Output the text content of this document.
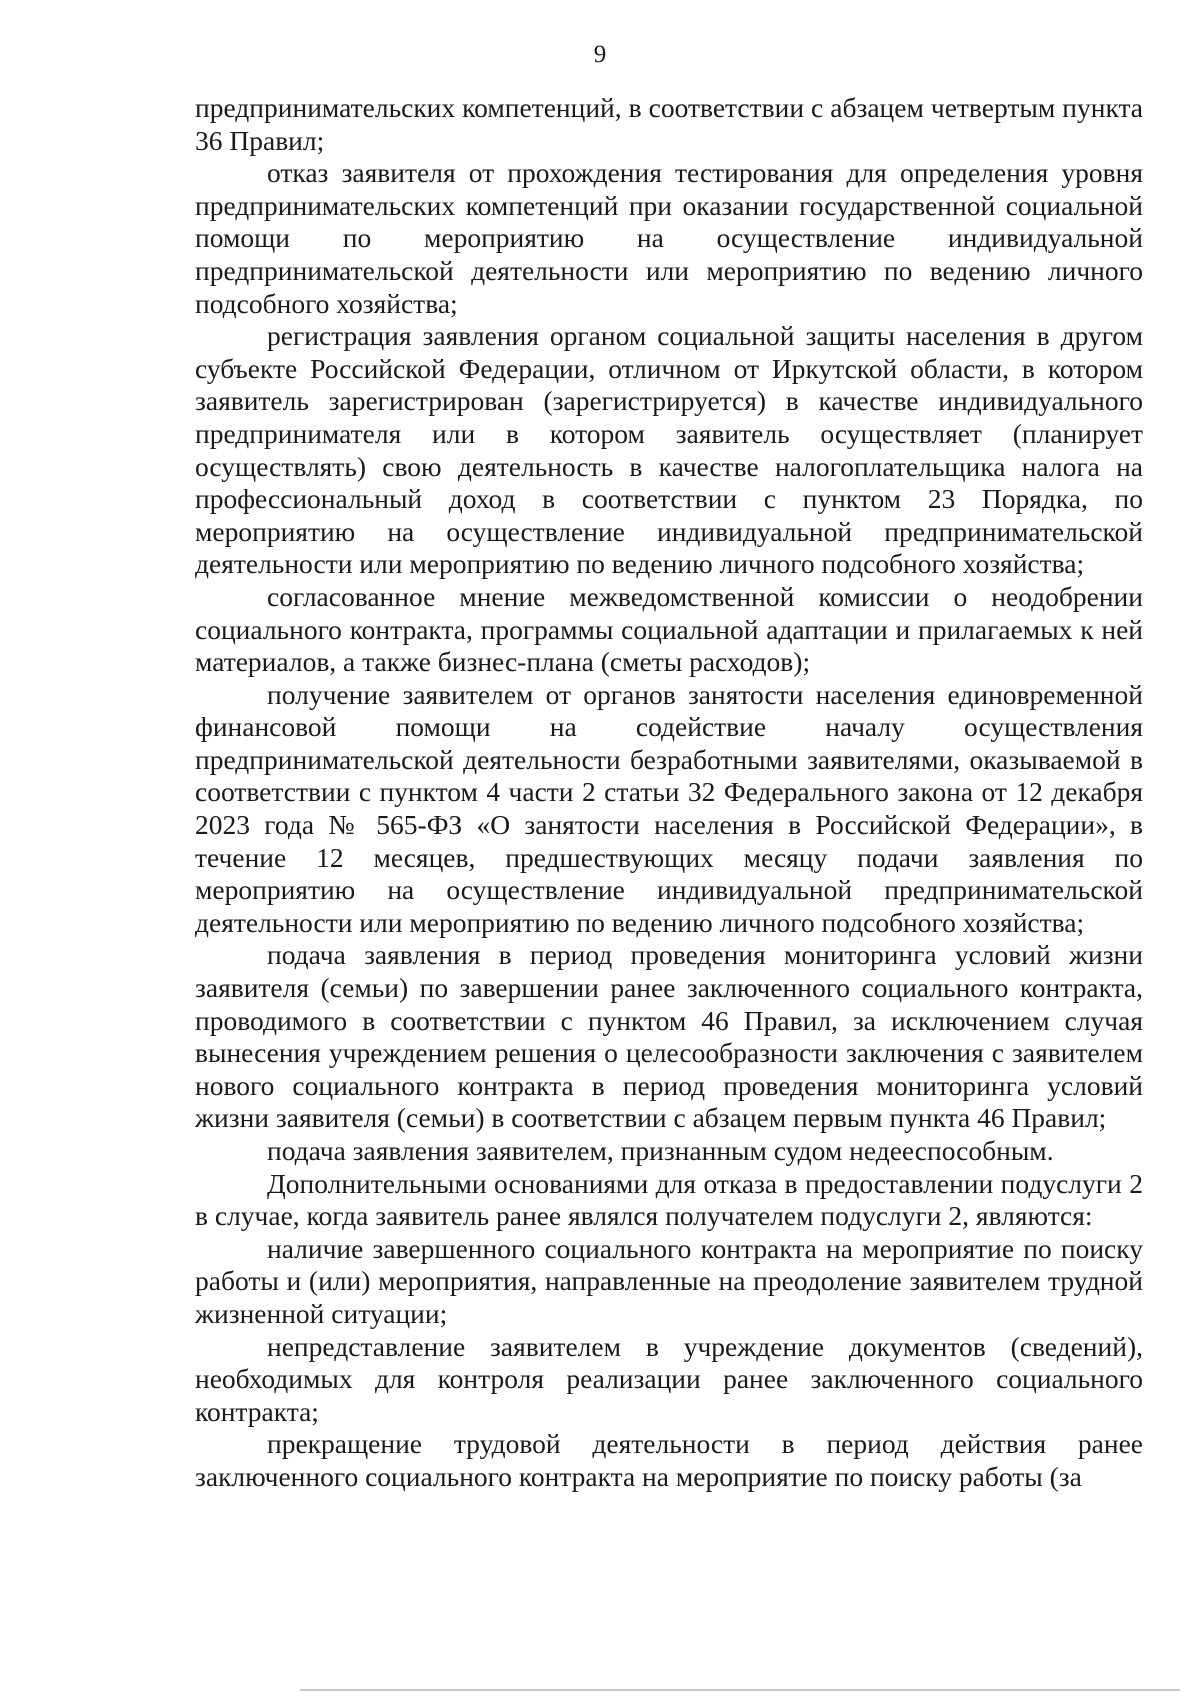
9

предпринимательских компетенций, в соответствии с абзацем четвертым пункта 36 Правил;

отказ заявителя от прохождения тестирования для определения уровня предпринимательских компетенций при оказании государственной социальной помощи по мероприятию на осуществление индивидуальной предпринимательской деятельности или мероприятию по ведению личного подсобного хозяйства;

регистрация заявления органом социальной защиты населения в другом субъекте Российской Федерации, отличном от Иркутской области, в котором заявитель зарегистрирован (зарегистрируется) в качестве индивидуального предпринимателя или в котором заявитель осуществляет (планирует осуществлять) свою деятельность в качестве налогоплательщика налога на профессиональный доход в соответствии с пунктом 23 Порядка, по мероприятию на осуществление индивидуальной предпринимательской деятельности или мероприятию по ведению личного подсобного хозяйства;

согласованное мнение межведомственной комиссии о неодобрении социального контракта, программы социальной адаптации и прилагаемых к ней материалов, а также бизнес-плана (сметы расходов);

получение заявителем от органов занятости населения единовременной финансовой помощи на содействие началу осуществления предпринимательской деятельности безработными заявителями, оказываемой в соответствии с пунктом 4 части 2 статьи 32 Федерального закона от 12 декабря 2023 года № 565-ФЗ «О занятости населения в Российской Федерации», в течение 12 месяцев, предшествующих месяцу подачи заявления по мероприятию на осуществление индивидуальной предпринимательской деятельности или мероприятию по ведению личного подсобного хозяйства;

подача заявления в период проведения мониторинга условий жизни заявителя (семьи) по завершении ранее заключенного социального контракта, проводимого в соответствии с пунктом 46 Правил, за исключением случая вынесения учреждением решения о целесообразности заключения с заявителем нового социального контракта в период проведения мониторинга условий жизни заявителя (семьи) в соответствии с абзацем первым пункта 46 Правил;

подача заявления заявителем, признанным судом недееспособным.

Дополнительными основаниями для отказа в предоставлении подуслуги 2 в случае, когда заявитель ранее являлся получателем подуслуги 2, являются:

наличие завершенного социального контракта на мероприятие по поиску работы и (или) мероприятия, направленные на преодоление заявителем трудной жизненной ситуации;

непредставление заявителем в учреждение документов (сведений), необходимых для контроля реализации ранее заключенного социального контракта;

прекращение трудовой деятельности в период действия ранее заключенного социального контракта на мероприятие по поиску работы (за
